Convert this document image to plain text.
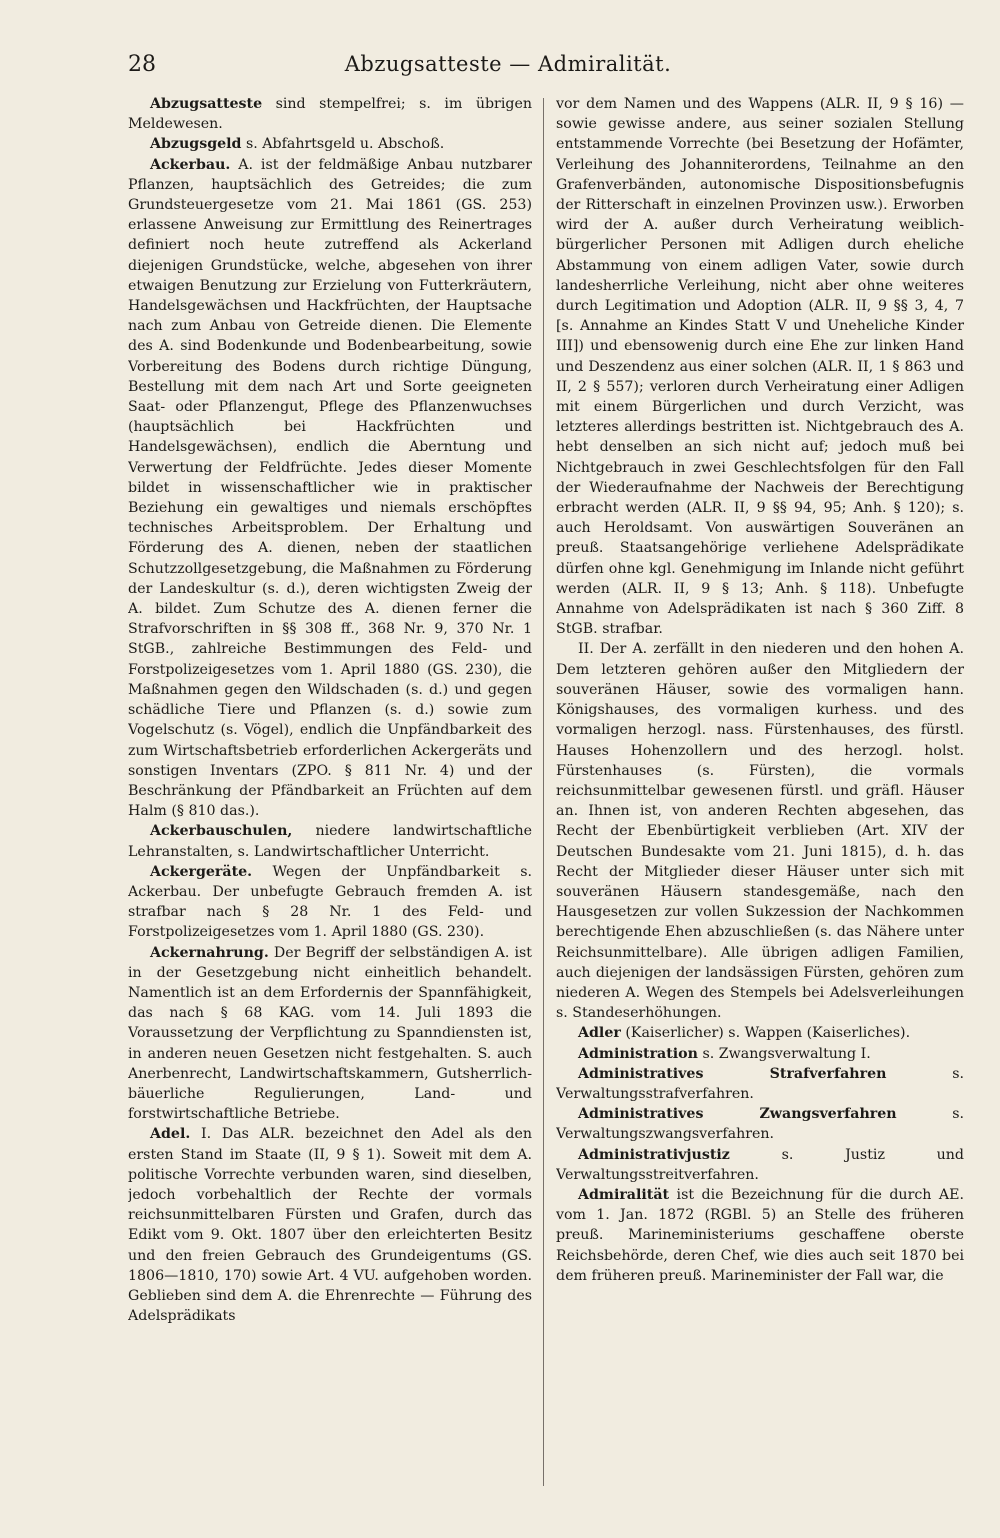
28	Abzugsatteste — Admiralität.

Abzugsatteste sind stempelfrei; s. im übrigen Meldewesen.

Abzugsgeld s. Abfahrtsgeld u. Abschoß.

Ackerbau. A. ist der feldmäßige Anbau nutzbarer Pflanzen, hauptsächlich des Getreides; die zum Grundsteuergesetze vom 21. Mai 1861 (GS. 253) erlassene Anweisung zur Ermittlung des Reinertrages definiert noch heute zutreffend als Ackerland diejenigen Grundstücke, welche, abgesehen von ihrer etwaigen Benutzung zur Erzielung von Futterkräutern, Handelsgewächsen und Hackfrüchten, der Hauptsache nach zum Anbau von Getreide dienen. Die Elemente des A. sind Bodenkunde und Bodenbearbeitung, sowie Vorbereitung des Bodens durch richtige Düngung, Bestellung mit dem nach Art und Sorte geeigneten Saat- oder Pflanzengut, Pflege des Pflanzenwuchses (hauptsächlich bei Hackfrüchten und Handelsgewächsen), endlich die Aberntung und Verwertung der Feldfrüchte. Jedes dieser Momente bildet in wissenschaftlicher wie in praktischer Beziehung ein gewaltiges und niemals erschöpftes technisches Arbeitsproblem. Der Erhaltung und Förderung des A. dienen, neben der staatlichen Schutzzollgesetzgebung, die Maßnahmen zu Förderung der Landeskultur (s. d.), deren wichtigsten Zweig der A. bildet. Zum Schutze des A. dienen ferner die Strafvorschriften in §§ 308 ff., 368 Nr. 9, 370 Nr. 1 StGB., zahlreiche Bestimmungen des Feld- und Forstpolizeigesetzes vom 1. April 1880 (GS. 230), die Maßnahmen gegen den Wildschaden (s. d.) und gegen schädliche Tiere und Pflanzen (s. d.) sowie zum Vogelschutz (s. Vögel), endlich die Unpfändbarkeit des zum Wirtschaftsbetrieb erforderlichen Ackergeräts und sonstigen Inventars (ZPO. § 811 Nr. 4) und der Beschränkung der Pfändbarkeit an Früchten auf dem Halm (§ 810 das.).

Ackerbauschulen, niedere landwirtschaftliche Lehranstalten, s. Landwirtschaftlicher Unterricht.

Ackergeräte. Wegen der Unpfändbarkeit s. Ackerbau. Der unbefugte Gebrauch fremden A. ist strafbar nach § 28 Nr. 1 des Feld- und Forstpolizeigesetzes vom 1. April 1880 (GS. 230).

Ackernahrung. Der Begriff der selbständigen A. ist in der Gesetzgebung nicht einheitlich behandelt. Namentlich ist an dem Erfordernis der Spannfähigkeit, das nach § 68 KAG. vom 14. Juli 1893 die Voraussetzung der Verpflichtung zu Spanndiensten ist, in anderen neuen Gesetzen nicht festgehalten. S. auch Anerbenrecht, Landwirtschaftskammern, Gutsherrlich-bäuerliche Regulierungen, Land- und forstwirtschaftliche Betriebe.

Adel. I. Das ALR. bezeichnet den Adel als den ersten Stand im Staate (II, 9 § 1). Soweit mit dem A. politische Vorrechte verbunden waren, sind dieselben, jedoch vorbehaltlich der Rechte der vormals reichsunmittelbaren Fürsten und Grafen, durch das Edikt vom 9. Okt. 1807 über den erleichterten Besitz und den freien Gebrauch des Grundeigentums (GS. 1806—1810, 170) sowie Art. 4 VU. aufgehoben worden. Geblieben sind dem A. die Ehrenrechte — Führung des Adelsprädikats

vor dem Namen und des Wappens (ALR. II, 9 § 16) — sowie gewisse andere, aus seiner sozialen Stellung entstammende Vorrechte (bei Besetzung der Hofämter, Verleihung des Johanniterordens, Teilnahme an den Grafenverbänden, autonomische Dispositionsbefugnis der Ritterschaft in einzelnen Provinzen usw.). Erworben wird der A. außer durch Verheiratung weiblich-bürgerlicher Personen mit Adligen durch eheliche Abstammung von einem adligen Vater, sowie durch landesherrliche Verleihung, nicht aber ohne weiteres durch Legitimation und Adoption (ALR. II, 9 §§ 3, 4, 7 [s. Annahme an Kindes Statt V und Uneheliche Kinder III]) und ebensowenig durch eine Ehe zur linken Hand und Deszendenz aus einer solchen (ALR. II, 1 § 863 und II, 2 § 557); verloren durch Verheiratung einer Adligen mit einem Bürgerlichen und durch Verzicht, was letzteres allerdings bestritten ist. Nichtgebrauch des A. hebt denselben an sich nicht auf; jedoch muß bei Nichtgebrauch in zwei Geschlechtsfolgen für den Fall der Wiederaufnahme der Nachweis der Berechtigung erbracht werden (ALR. II, 9 §§ 94, 95; Anh. § 120); s. auch Heroldsamt. Von auswärtigen Souveränen an preuß. Staatsangehörige verliehene Adelsprädikate dürfen ohne kgl. Genehmigung im Inlande nicht geführt werden (ALR. II, 9 § 13; Anh. § 118). Unbefugte Annahme von Adelsprädikaten ist nach § 360 Ziff. 8 StGB. strafbar.

II. Der A. zerfällt in den niederen und den hohen A. Dem letzteren gehören außer den Mitgliedern der souveränen Häuser, sowie des vormaligen hann. Königshauses, des vormaligen kurhess. und des vormaligen herzogl. nass. Fürstenhauses, des fürstl. Hauses Hohenzollern und des herzogl. holst. Fürstenhauses (s. Fürsten), die vormals reichsunmittelbar gewesenen fürstl. und gräfl. Häuser an. Ihnen ist, von anderen Rechten abgesehen, das Recht der Ebenbürtigkeit verblieben (Art. XIV der Deutschen Bundesakte vom 21. Juni 1815), d. h. das Recht der Mitglieder dieser Häuser unter sich mit souveränen Häusern standesgemäße, nach den Hausgesetzen zur vollen Sukzession der Nachkommen berechtigende Ehen abzuschließen (s. das Nähere unter Reichsunmittelbare). Alle übrigen adligen Familien, auch diejenigen der landsässigen Fürsten, gehören zum niederen A. Wegen des Stempels bei Adelsverleihungen s. Standeserhöhungen.

Adler (Kaiserlicher) s. Wappen (Kaiserliches).

Administration s. Zwangsverwaltung I.

Administratives Strafverfahren s. Verwaltungsstrafverfahren.

Administratives Zwangsverfahren s. Verwaltungszwangsverfahren.

Administrativjustiz s. Justiz und Verwaltungsstreitverfahren.

Admiralität ist die Bezeichnung für die durch AE. vom 1. Jan. 1872 (RGBl. 5) an Stelle des früheren preuß. Marineministeriums geschaffene oberste Reichsbehörde, deren Chef, wie dies auch seit 1870 bei dem früheren preuß. Marineminister der Fall war, die
